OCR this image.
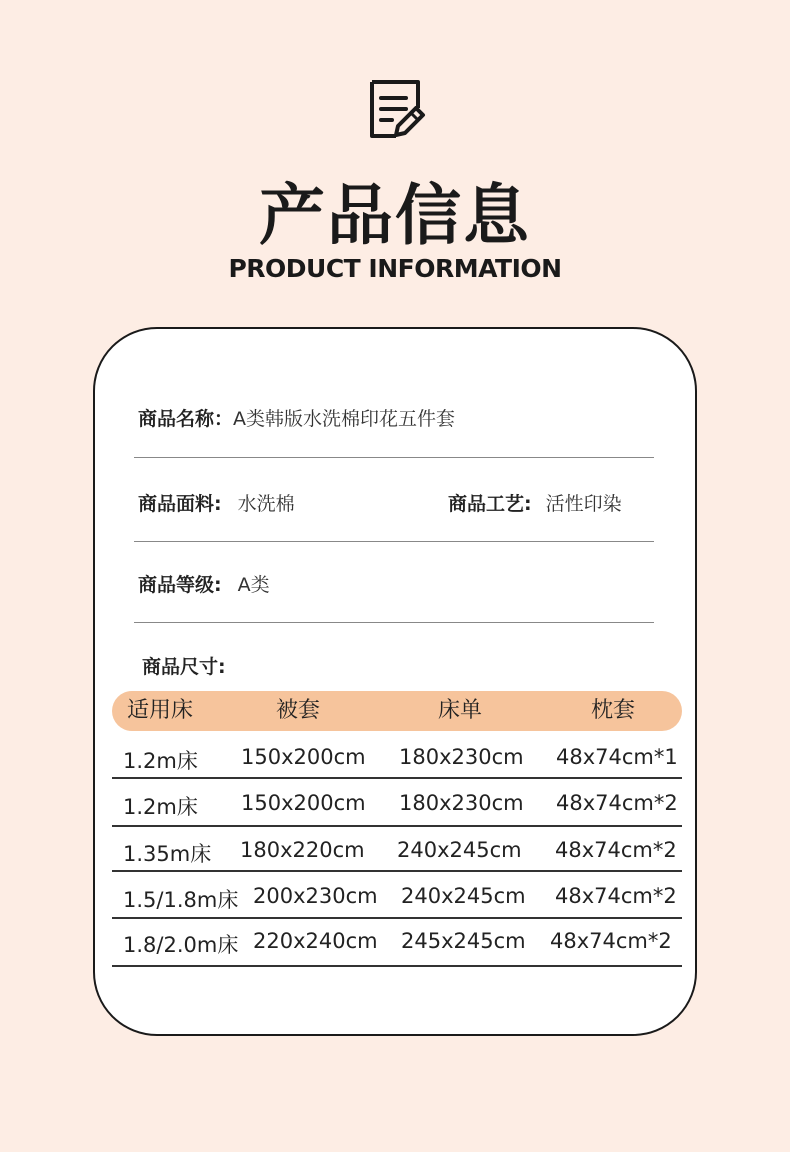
产品信息
PRODUCT INFORMATION
商品名称：A类韩版水洗棉印花五件套
商品面料: 水洗棉	商品工艺: 活性印染
商品等级: A类
商品尺寸:
适用床	被套	床单	枕套
1.2m床 150x200cm 180x230cm 48x74cm*1
1.2m床 150x200cm 180x230cm 48x74cm*2
1.35m床 180x220cm 240x245cm 48x74cm*2
1.5/1.8m床 200x230cm 240x245cm 48x74cm*2
1.8/2.0m床 220x240cm 245x245cm 48x74cm*2
